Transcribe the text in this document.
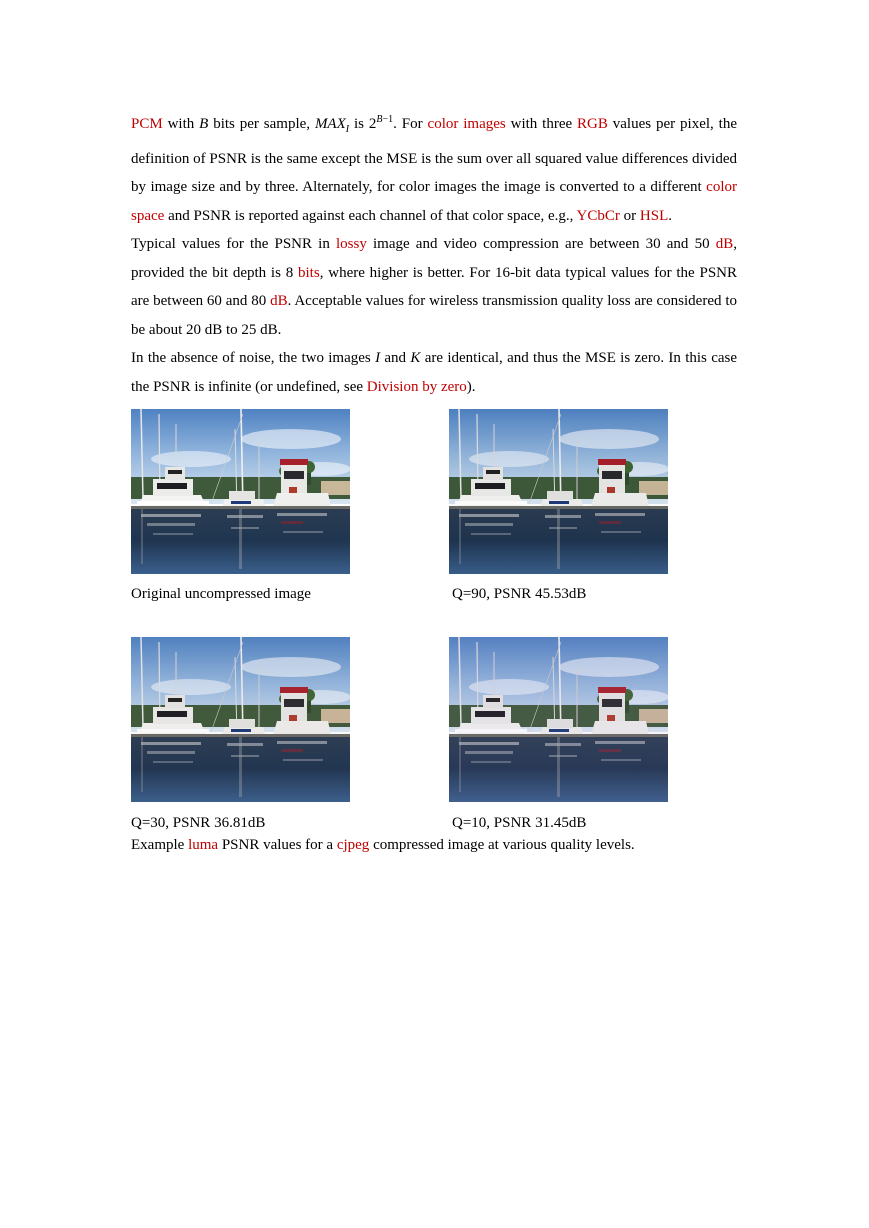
PCM with B bits per sample, $MAX_I$ is $2^{B-1}$. For color images with three RGB values per pixel, the definition of PSNR is the same except the MSE is the sum over all squared value differences divided by image size and by three. Alternately, for color images the image is converted to a different color space and PSNR is reported against each channel of that color space, e.g., YCbCr or HSL.

Typical values for the PSNR in lossy image and video compression are between 30 and 50 dB, provided the bit depth is 8 bits, where higher is better. For 16-bit data typical values for the PSNR are between 60 and 80 dB. Acceptable values for wireless transmission quality loss are considered to be about 20 dB to 25 dB.

In the absence of noise, the two images I and K are identical, and thus the MSE is zero. In this case the PSNR is infinite (or undefined, see Division by zero).

Original uncompressed image	Q=90, PSNR 45.53dB
Q=30, PSNR 36.81dB	Q=10, PSNR 31.45dB

Example luma PSNR values for a cjpeg compressed image at various quality levels.
